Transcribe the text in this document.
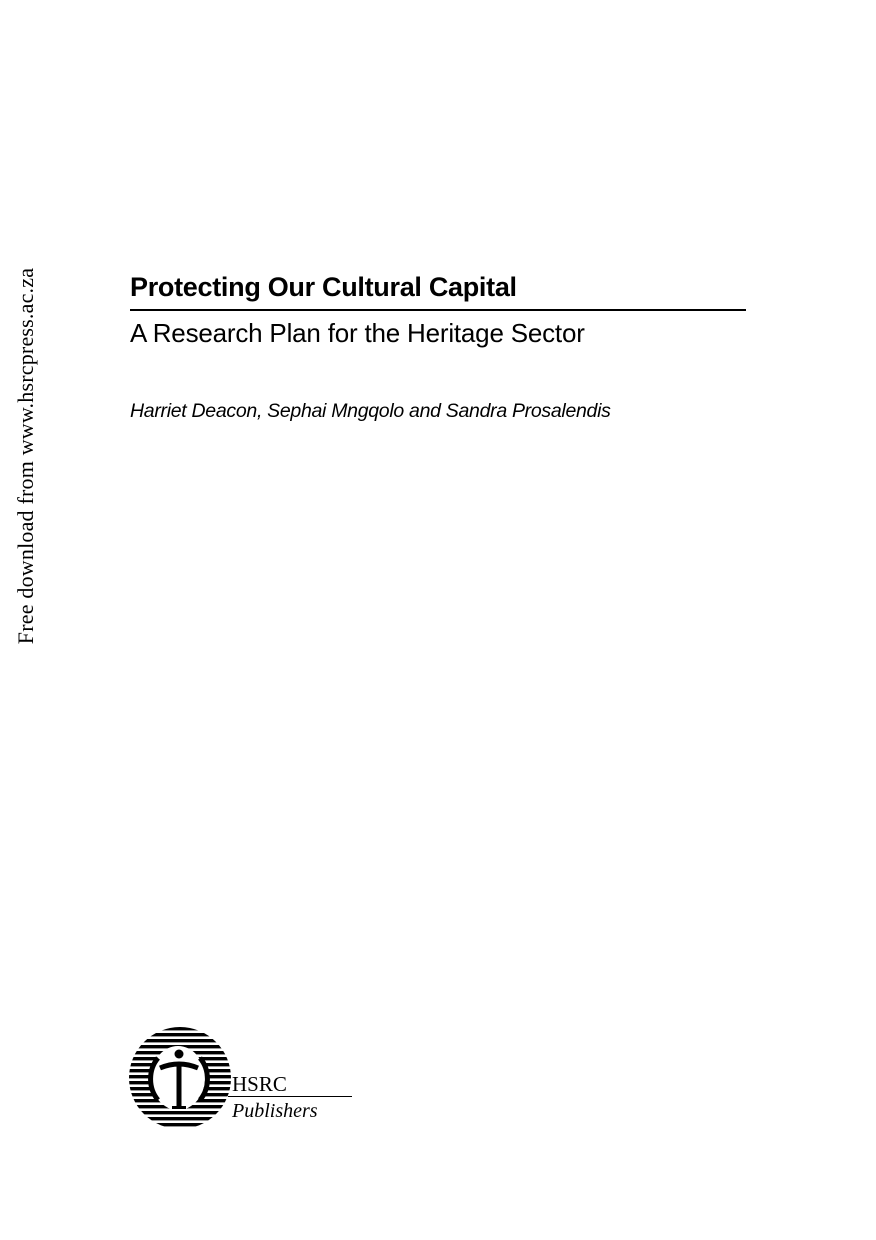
Free download from www.hsrcpress.ac.za	Protecting Our Cultural Capital
A Research Plan for the Heritage Sector
Harriet Deacon, Sephai Mngqolo and Sandra Prosalendis
HSRC
Publishers
